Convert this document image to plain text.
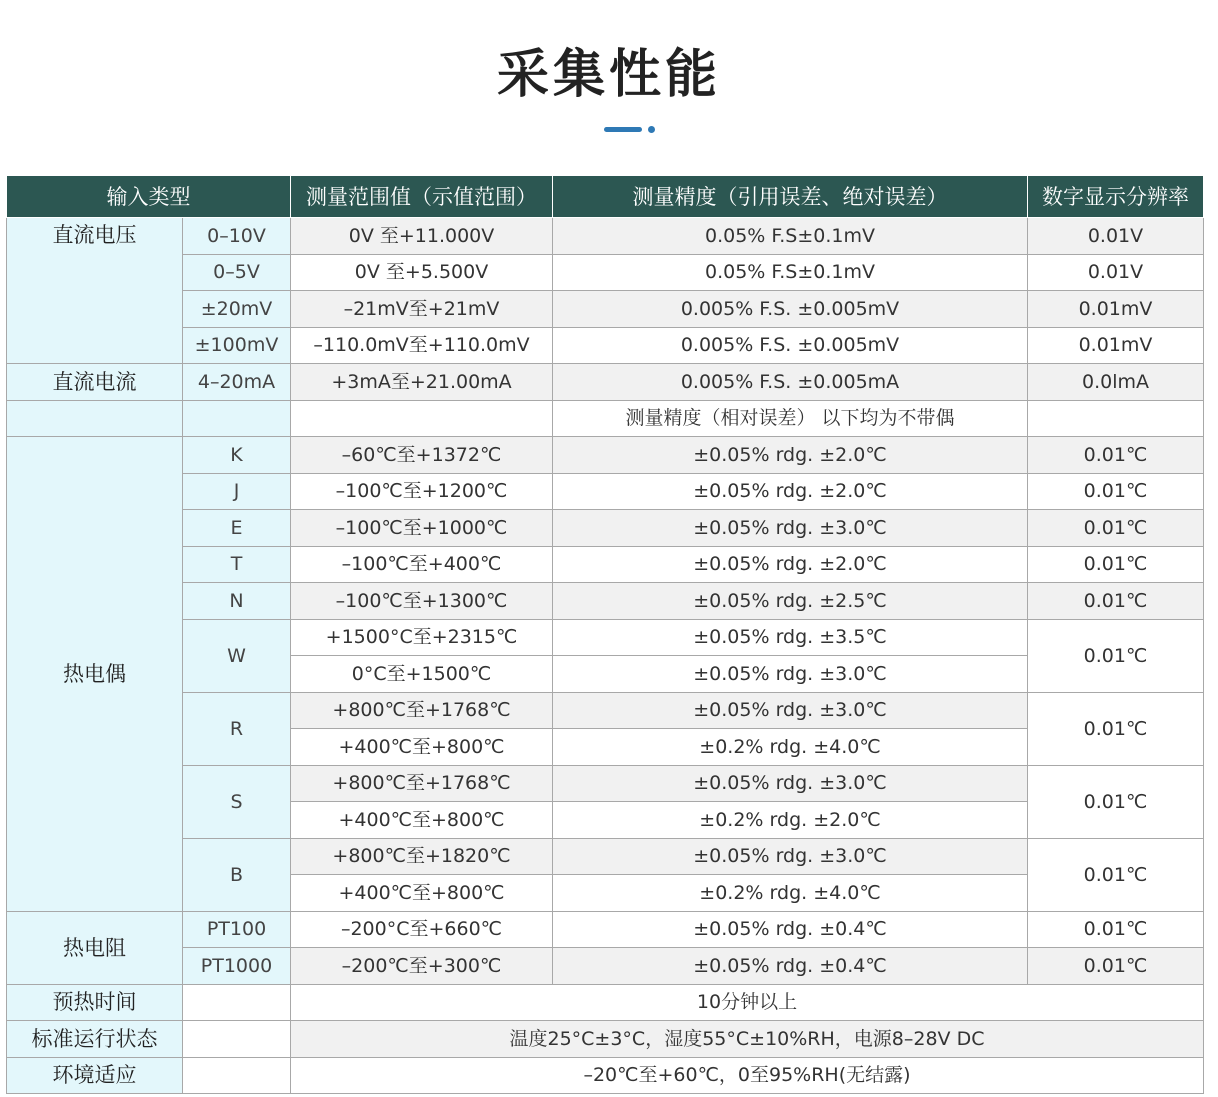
采集性能
输入类型		测量范围值（示值范围）	测量精度（引用误差、绝对误差）	数字显示分辨率
直流电压	0–10V	0V 至+11.000V	0.05% F.S±0.1mV	0.01V
	0–5V	0V 至+5.500V	0.05% F.S±0.1mV	0.01V
	±20mV	–21mV至+21mV	0.005% F.S. ±0.005mV	0.01mV
	±100mV	–110.0mV至+110.0mV	0.005% F.S. ±0.005mV	0.01mV
直流电流	4–20mA	+3mA至+21.00mA	0.005% F.S. ±0.005mA	0.0lmA
			测量精度（相对误差） 以下均为不带偶	
热电偶	K	–60℃至+1372℃	±0.05% rdg. ±2.0℃	0.01℃
	J	–100℃至+1200℃	±0.05% rdg. ±2.0℃	0.01℃
	E	–100℃至+1000℃	±0.05% rdg. ±3.0℃	0.01℃
	T	–100℃至+400℃	±0.05% rdg. ±2.0℃	0.01℃
	N	–100℃至+1300℃	±0.05% rdg. ±2.5℃	0.01℃
	W	+1500°C至+2315℃	±0.05% rdg. ±3.5℃	0.01℃
		0°C至+1500℃	±0.05% rdg. ±3.0℃	
	R	+800℃至+1768℃	±0.05% rdg. ±3.0℃	0.01℃
		+400℃至+800℃	±0.2% rdg. ±4.0℃	
	S	+800℃至+1768℃	±0.05% rdg. ±3.0℃	0.01℃
		+400℃至+800℃	±0.2% rdg. ±2.0℃	
	B	+800℃至+1820℃	±0.05% rdg. ±3.0℃	0.01℃
		+400℃至+800℃	±0.2% rdg. ±4.0℃	
热电阻	PT100	–200°C至+660℃	±0.05% rdg. ±0.4℃	0.01℃
	PT1000	–200℃至+300℃	±0.05% rdg. ±0.4℃	0.01℃
预热时间		10分钟以上		
标准运行状态		温度25°C±3°C，湿度55°C±10%RH，电源8–28V DC		
环境适应		–20℃至+60℃，0至95%RH(无结露)		
